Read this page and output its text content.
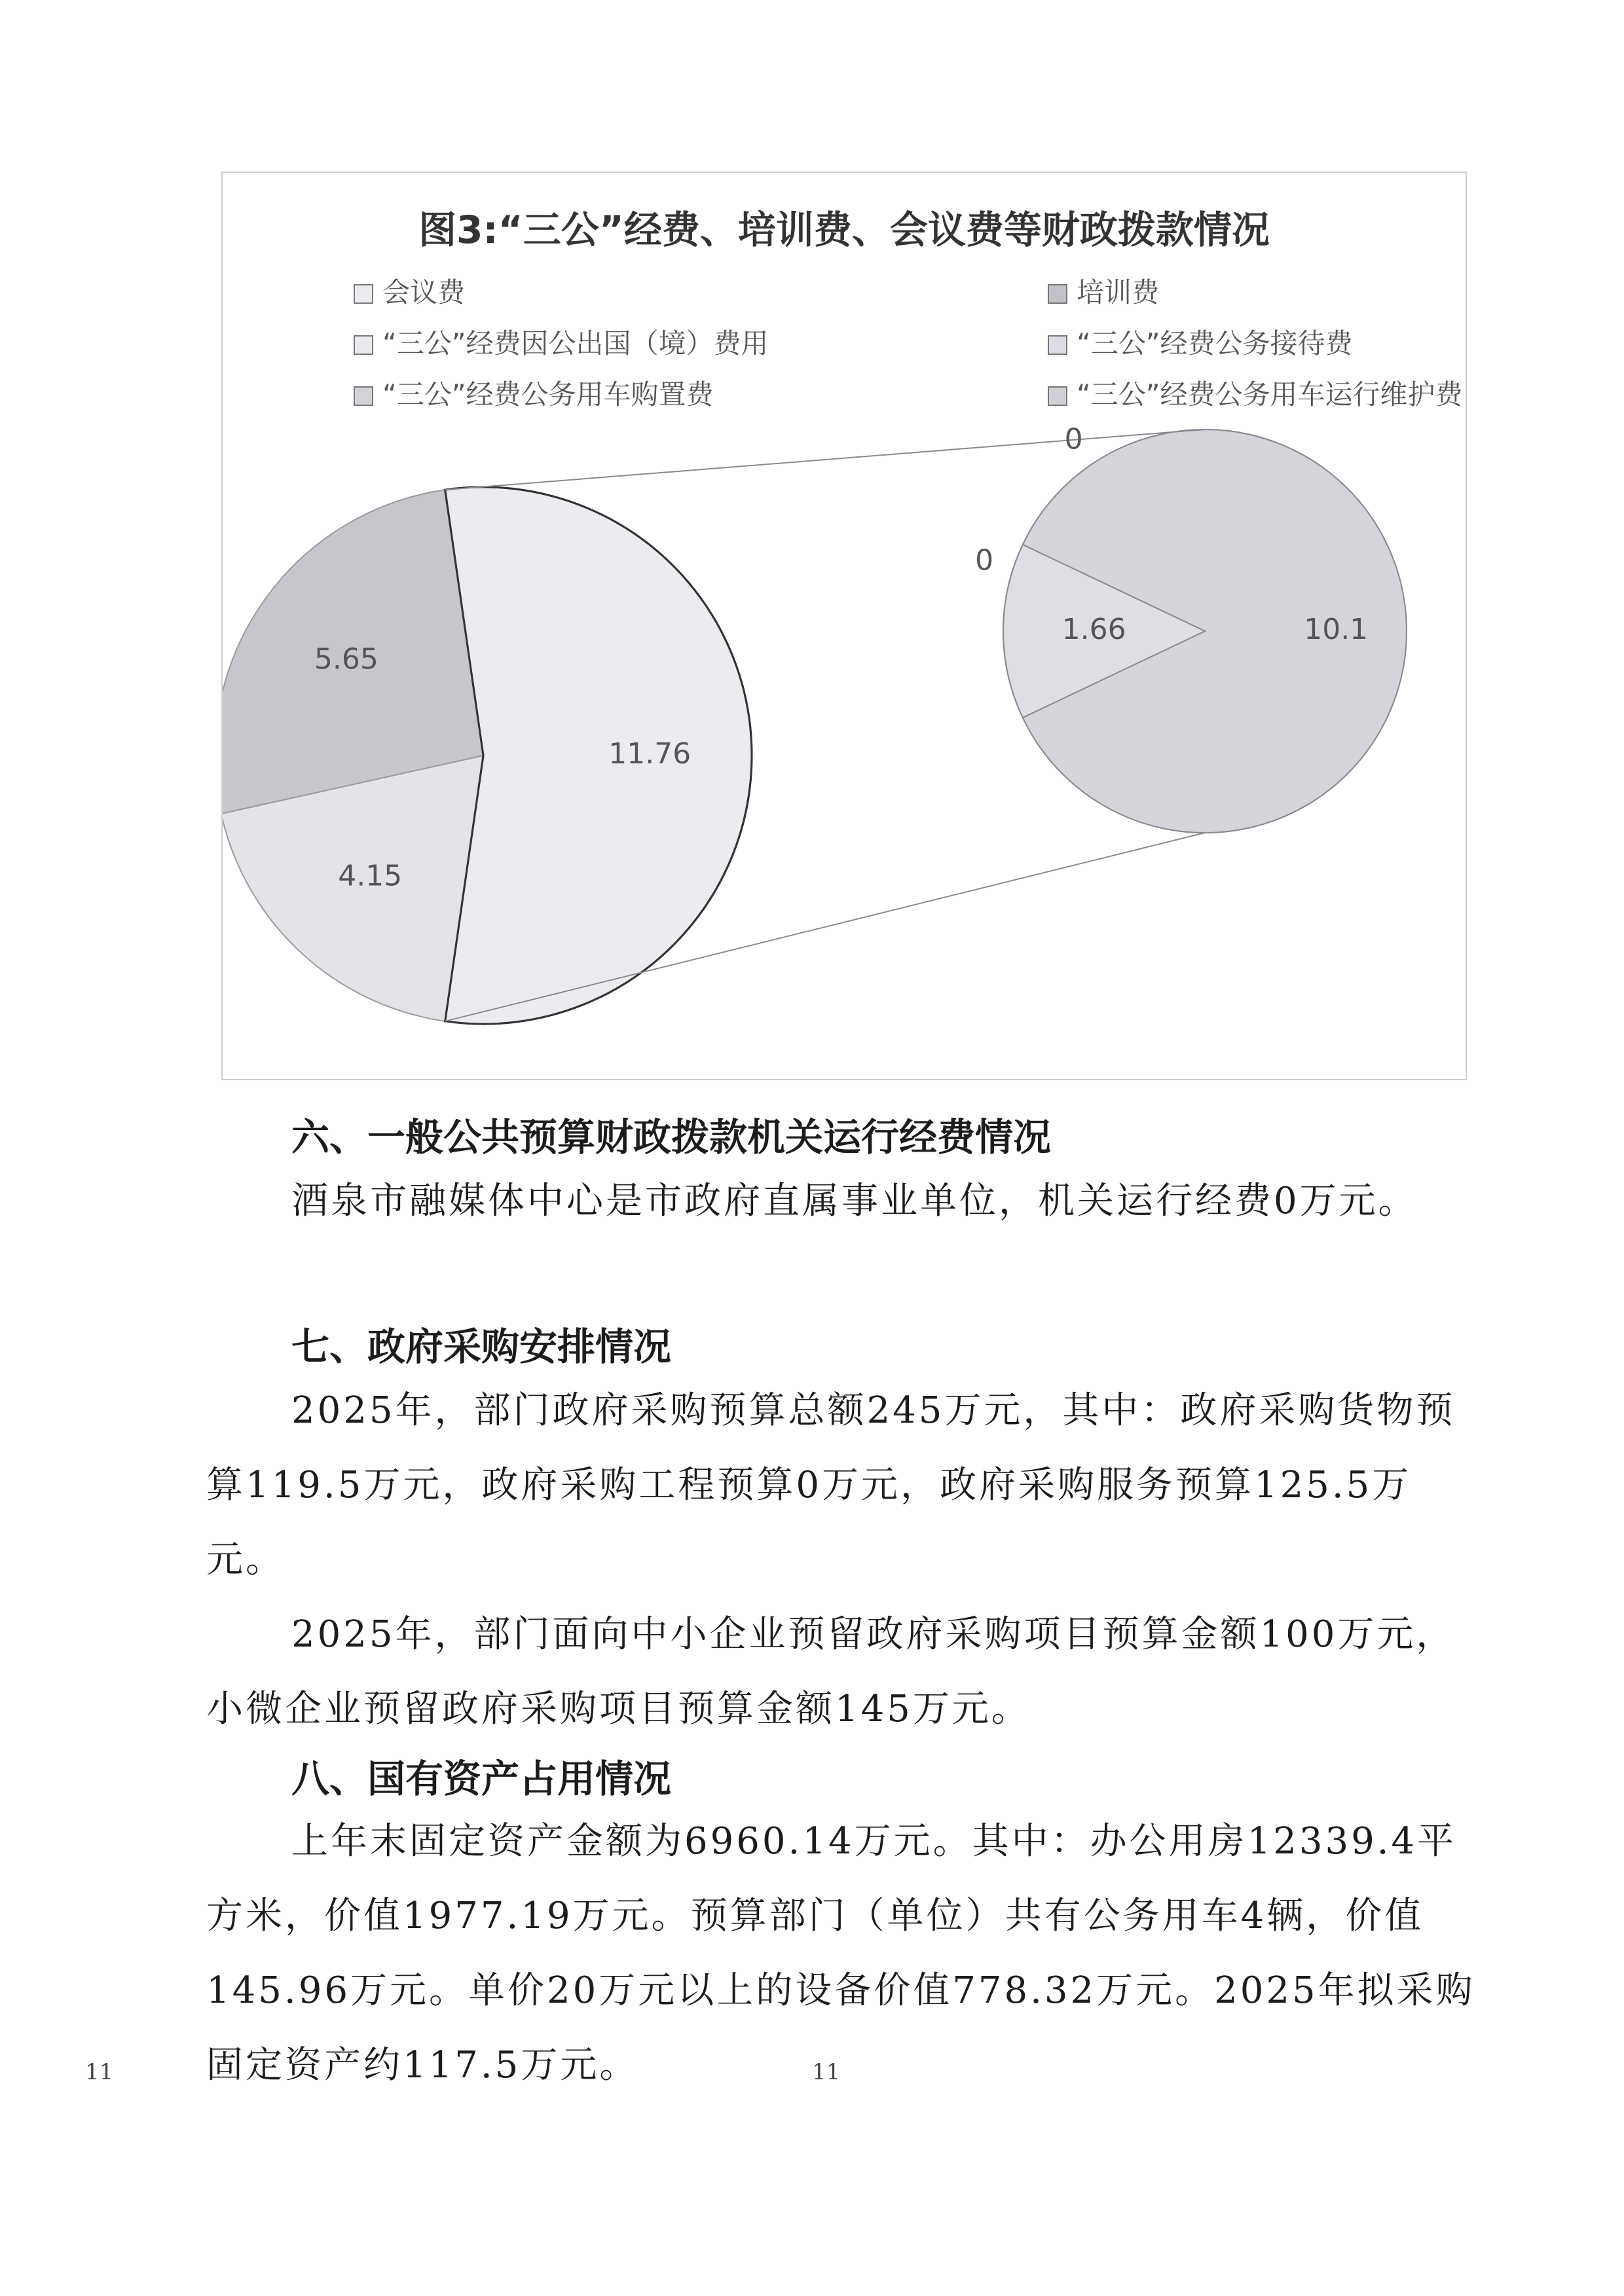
图3:“三公”经费、培训费、会议费等财政拨款情况
会议费	培训费
“三公”经费因公出国（境）费用	“三公”经费公务接待费
“三公”经费公务用车购置费	“三公”经费公务用车运行维护费
11.76
4.15
5.65
10.1
1.66
0
0
六、一般公共预算财政拨款机关运行经费情况
酒泉市融媒体中心是市政府直属事业单位，机关运行经费0万元。
七、政府采购安排情况
2025年，部门政府采购预算总额245万元，其中：政府采购货物预算119.5万元，政府采购工程预算0万元，政府采购服务预算125.5万元。
2025年，部门面向中小企业预留政府采购项目预算金额100万元，小微企业预留政府采购项目预算金额145万元。
八、国有资产占用情况
上年末固定资产金额为6960.14万元。其中：办公用房12339.4平方米，价值1977.19万元。预算部门（单位）共有公务用车4辆，价值145.96万元。单价20万元以上的设备价值778.32万元。2025年拟采购固定资产约117.5万元。	11
11
